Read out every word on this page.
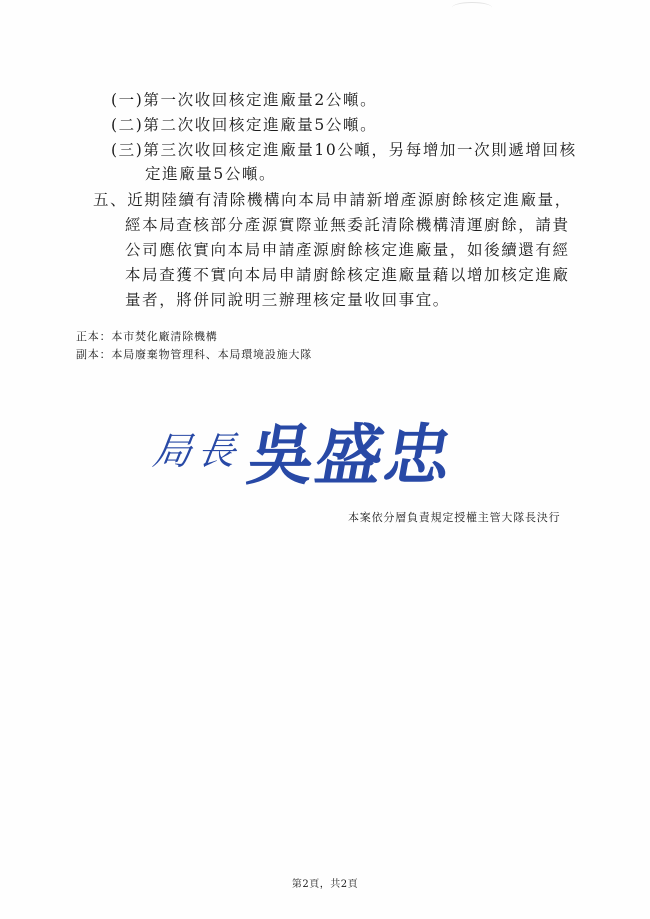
(一)第一次收回核定進廠量2公噸。
(二)第二次收回核定進廠量5公噸。
(三)第三次收回核定進廠量10公噸，另每增加一次則遞增回核
定進廠量5公噸。
五、近期陸續有清除機構向本局申請新增產源廚餘核定進廠量，
經本局查核部分產源實際並無委託清除機構清運廚餘，請貴
公司應依實向本局申請產源廚餘核定進廠量，如後續還有經
本局查獲不實向本局申請廚餘核定進廠量藉以增加核定進廠
量者，將併同說明三辦理核定量收回事宜。
正本：本市焚化廠清除機構
副本：本局廢棄物管理科、本局環境設施大隊
局長
吳盛忠
本案依分層負責規定授權主管大隊長決行
第2頁，共2頁
